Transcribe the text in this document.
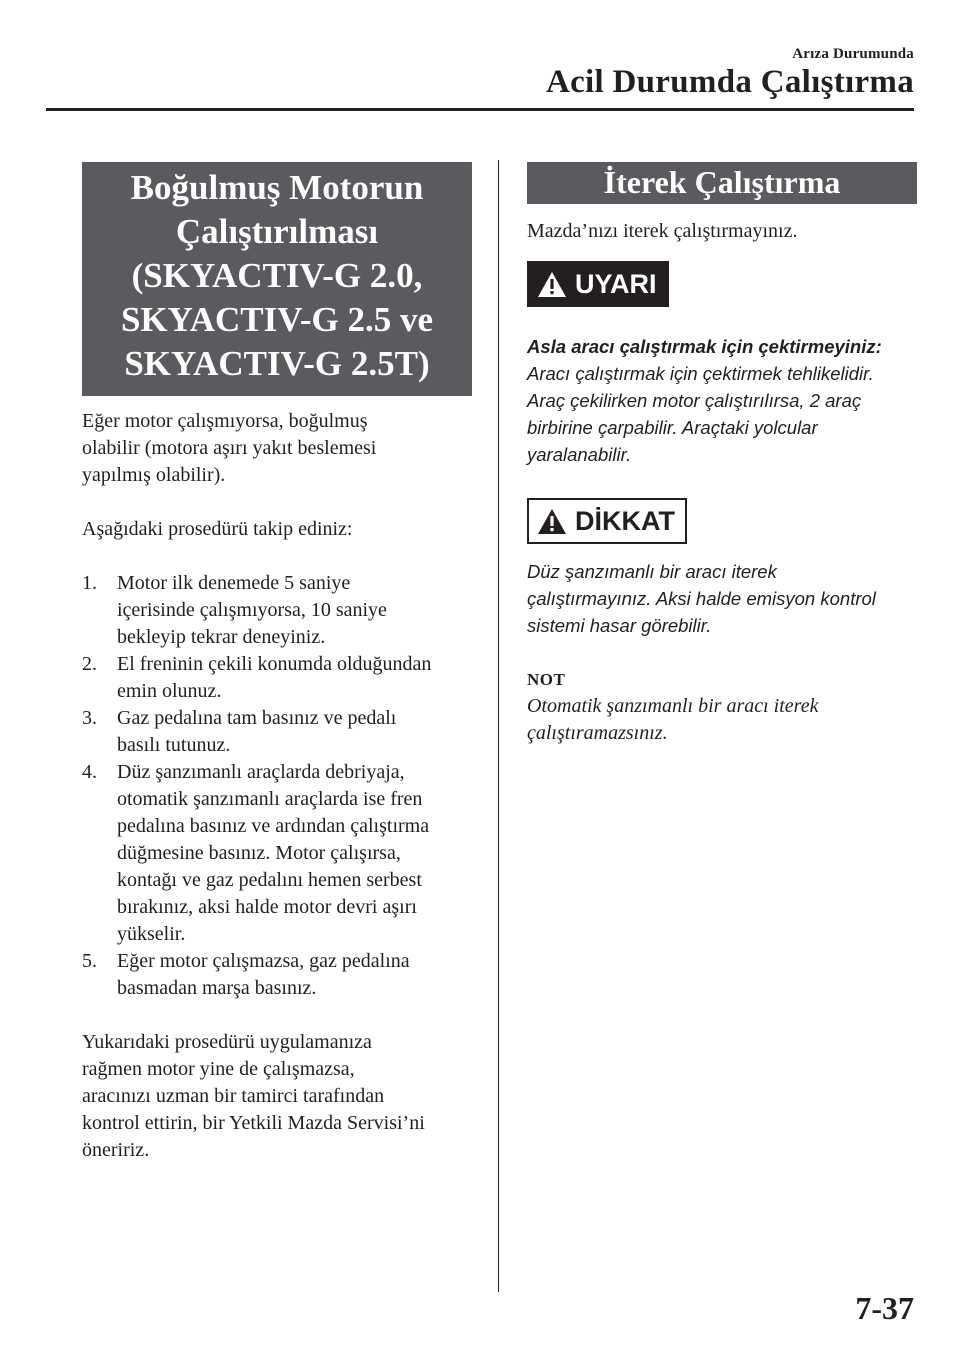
Arıza Durumunda
Acil Durumda Çalıştırma
Boğulmuş Motorun
Çalıştırılması
(SKYACTIV-G 2.0,
SKYACTIV-G 2.5 ve
SKYACTIV-G 2.5T)
Eğer motor çalışmıyorsa, boğulmuş
olabilir (motora aşırı yakıt beslemesi
yapılmış olabilir).
Aşağıdaki prosedürü takip ediniz:
1. Motor ilk denemede 5 saniye
içerisinde çalışmıyorsa, 10 saniye
bekleyip tekrar deneyiniz.
2. El freninin çekili konumda olduğundan
emin olunuz.
3. Gaz pedalına tam basınız ve pedalı
basılı tutunuz.
4. Düz şanzımanlı araçlarda debriyaja,
otomatik şanzımanlı araçlarda ise fren
pedalına basınız ve ardından çalıştırma
düğmesine basınız. Motor çalışırsa,
kontağı ve gaz pedalını hemen serbest
bırakınız, aksi halde motor devri aşırı
yükselir.
5. Eğer motor çalışmazsa, gaz pedalına
basmadan marşa basınız.
Yukarıdaki prosedürü uygulamanıza
rağmen motor yine de çalışmazsa,
aracınızı uzman bir tamirci tarafından
kontrol ettirin, bir Yetkili Mazda Servisi’ni
öneririz.
İterek Çalıştırma
Mazda’nızı iterek çalıştırmayınız.
UYARI
Asla aracı çalıştırmak için çektirmeyiniz:
Aracı çalıştırmak için çektirmek tehlikelidir.
Araç çekilirken motor çalıştırılırsa, 2 araç
birbirine çarpabilir. Araçtaki yolcular
yaralanabilir.
DİKKAT
Düz şanzımanlı bir aracı iterek
çalıştırmayınız. Aksi halde emisyon kontrol
sistemi hasar görebilir.
NOT
Otomatik şanzımanlı bir aracı iterek
çalıştıramazsınız.
7-37
